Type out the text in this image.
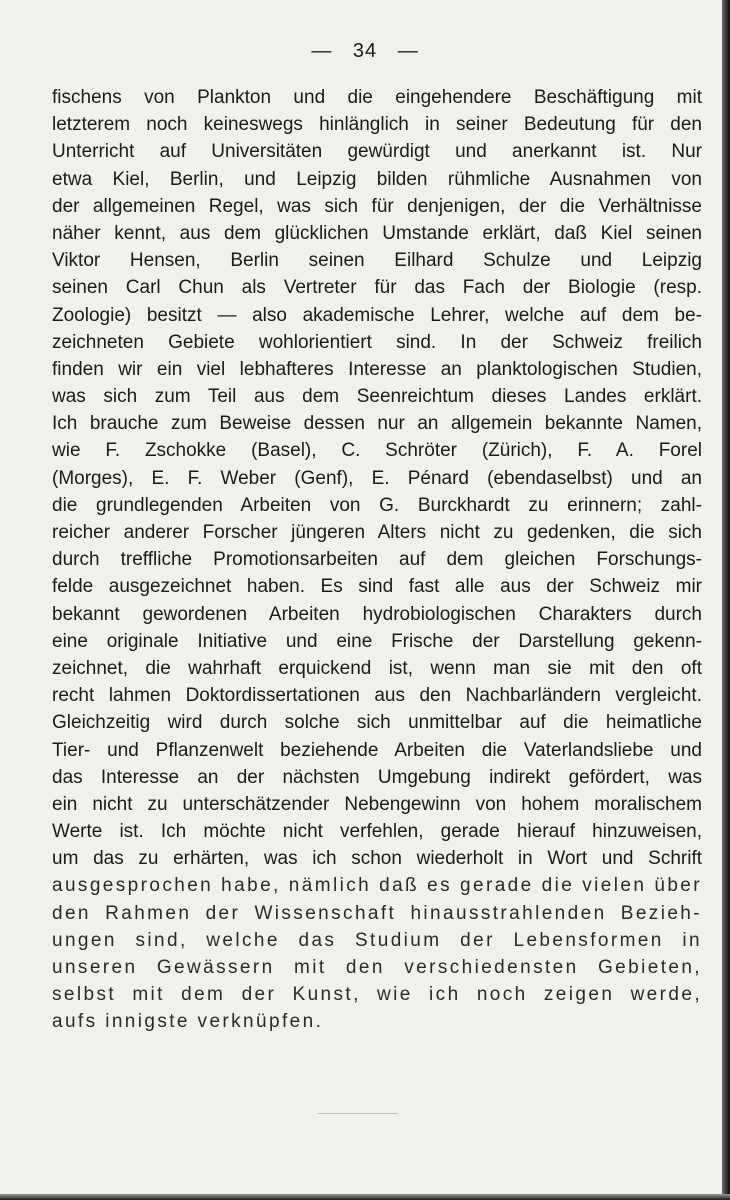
— 34 —
fischens von Plankton und die eingehendere Beschäftigung mit
letzterem noch keineswegs hinlänglich in seiner Bedeutung für den
Unterricht auf Universitäten gewürdigt und anerkannt ist. Nur
etwa Kiel, Berlin, und Leipzig bilden rühmliche Ausnahmen von
der allgemeinen Regel, was sich für denjenigen, der die Verhältnisse
näher kennt, aus dem glücklichen Umstande erklärt, daß Kiel seinen
Viktor Hensen, Berlin seinen Eilhard Schulze und Leipzig
seinen Carl Chun als Vertreter für das Fach der Biologie (resp.
Zoologie) besitzt — also akademische Lehrer, welche auf dem be-
zeichneten Gebiete wohlorientiert sind. In der Schweiz freilich
finden wir ein viel lebhafteres Interesse an planktologischen Studien,
was sich zum Teil aus dem Seenreichtum dieses Landes erklärt.
Ich brauche zum Beweise dessen nur an allgemein bekannte Namen,
wie F. Zschokke (Basel), C. Schröter (Zürich), F. A. Forel
(Morges), E. F. Weber (Genf), E. Pénard (ebendaselbst) und an
die grundlegenden Arbeiten von G. Burckhardt zu erinnern; zahl-
reicher anderer Forscher jüngeren Alters nicht zu gedenken, die sich
durch treffliche Promotionsarbeiten auf dem gleichen Forschungs-
felde ausgezeichnet haben. Es sind fast alle aus der Schweiz mir
bekannt gewordenen Arbeiten hydrobiologischen Charakters durch
eine originale Initiative und eine Frische der Darstellung gekenn-
zeichnet, die wahrhaft erquickend ist, wenn man sie mit den oft
recht lahmen Doktordissertationen aus den Nachbarländern vergleicht.
Gleichzeitig wird durch solche sich unmittelbar auf die heimatliche
Tier- und Pflanzenwelt beziehende Arbeiten die Vaterlandsliebe und
das Interesse an der nächsten Umgebung indirekt gefördert, was
ein nicht zu unterschätzender Nebengewinn von hohem moralischem
Werte ist. Ich möchte nicht verfehlen, gerade hierauf hinzuweisen,
um das zu erhärten, was ich schon wiederholt in Wort und Schrift
ausgesprochen habe, nämlich daß es gerade die vielen über
den Rahmen der Wissenschaft hinausstrahlenden Bezieh-
ungen sind, welche das Studium der Lebensformen in
unseren Gewässern mit den verschiedensten Gebieten,
selbst mit dem der Kunst, wie ich noch zeigen werde,
aufs innigste verknüpfen.
